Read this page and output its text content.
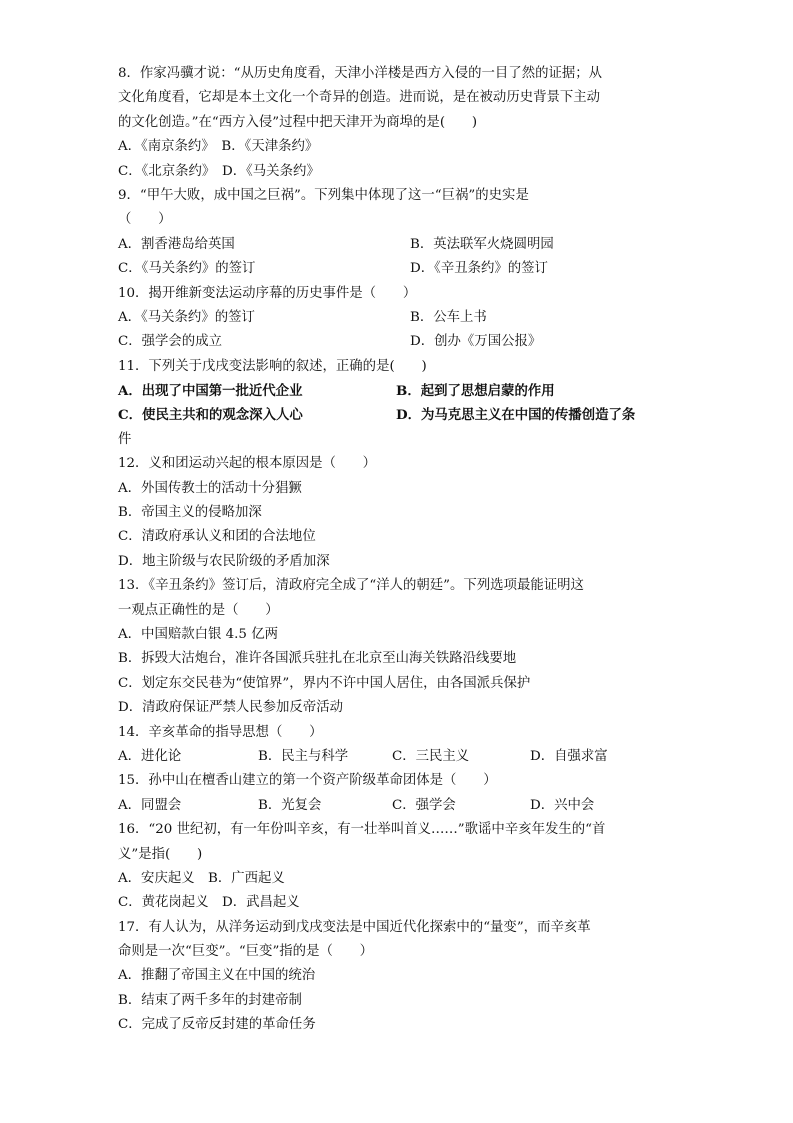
8．作家冯骥才说：“从历史角度看，天津小洋楼是西方入侵的一目了然的证据；从
文化角度看，它却是本土文化一个奇异的创造。进而说，是在被动历史背景下主动
的文化创造。”在“西方入侵”过程中把天津开为商埠的是(　　)
A．《南京条约》　B．《天津条约》
C．《北京条约》　D．《马关条约》
9．“甲午大败，成中国之巨祸”。下列集中体现了这一“巨祸”的史实是
（　　）
A．割香港岛给英国	B．英法联军火烧圆明园
C．《马关条约》的签订	D．《辛丑条约》的签订
10．揭开维新变法运动序幕的历史事件是（　　）
A．《马关条约》的签订	B．公车上书
C．强学会的成立	D．创办《万国公报》
11．下列关于戊戌变法影响的叙述，正确的是(　　)
A．出现了中国第一批近代企业	B．起到了思想启蒙的作用
C．使民主共和的观念深入人心	D．为马克思主义在中国的传播创造了条
件
12．义和团运动兴起的根本原因是（　　）
A．外国传教士的活动十分猖獗
B．帝国主义的侵略加深
C．清政府承认义和团的合法地位
D．地主阶级与农民阶级的矛盾加深
13．《辛丑条约》签订后，清政府完全成了“洋人的朝廷”。下列选项最能证明这
一观点正确性的是（　　）
A．中国赔款白银 4.5 亿两
B．拆毁大沽炮台，准许各国派兵驻扎在北京至山海关铁路沿线要地
C．划定东交民巷为“使馆界”，界内不许中国人居住，由各国派兵保护
D．清政府保证严禁人民参加反帝活动
14．辛亥革命的指导思想（　　）
A．进化论	B．民主与科学	C．三民主义	D．自强求富
15．孙中山在檀香山建立的第一个资产阶级革命团体是（　　）
A．同盟会	B．光复会	C．强学会	D．兴中会
16．“20 世纪初，有一年份叫辛亥，有一壮举叫首义……”歌谣中辛亥年发生的“首
义”是指(　　)
A．安庆起义　B．广西起义
C．黄花岗起义　D．武昌起义
17．有人认为，从洋务运动到戊戌变法是中国近代化探索中的“量变”，而辛亥革
命则是一次“巨变”。“巨变”指的是（　　）
A．推翻了帝国主义在中国的统治
B．结束了两千多年的封建帝制
C．完成了反帝反封建的革命任务
